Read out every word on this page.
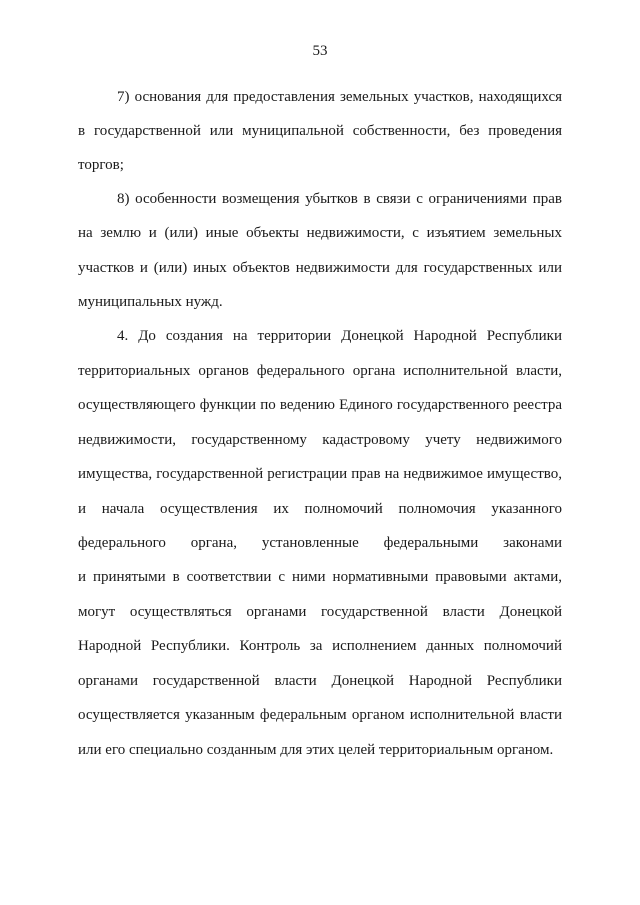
53
7) основания для предоставления земельных участков, находящихся
в государственной или муниципальной собственности, без проведения
торгов;
8) особенности возмещения убытков в связи с ограничениями прав
на землю и (или) иные объекты недвижимости, с изъятием земельных
участков и (или) иных объектов недвижимости для государственных или
муниципальных нужд.
4. До создания на территории Донецкой Народной Республики
территориальных органов федерального органа исполнительной власти,
осуществляющего функции по ведению Единого государственного реестра
недвижимости, государственному кадастровому учету недвижимого
имущества, государственной регистрации прав на недвижимое имущество,
и начала осуществления их полномочий полномочия указанного
федерального органа, установленные федеральными законами
и принятыми в соответствии с ними нормативными правовыми актами,
могут осуществляться органами государственной власти Донецкой
Народной Республики. Контроль за исполнением данных полномочий
органами государственной власти Донецкой Народной Республики
осуществляется указанным федеральным органом исполнительной власти
или его специально созданным для этих целей территориальным органом.
